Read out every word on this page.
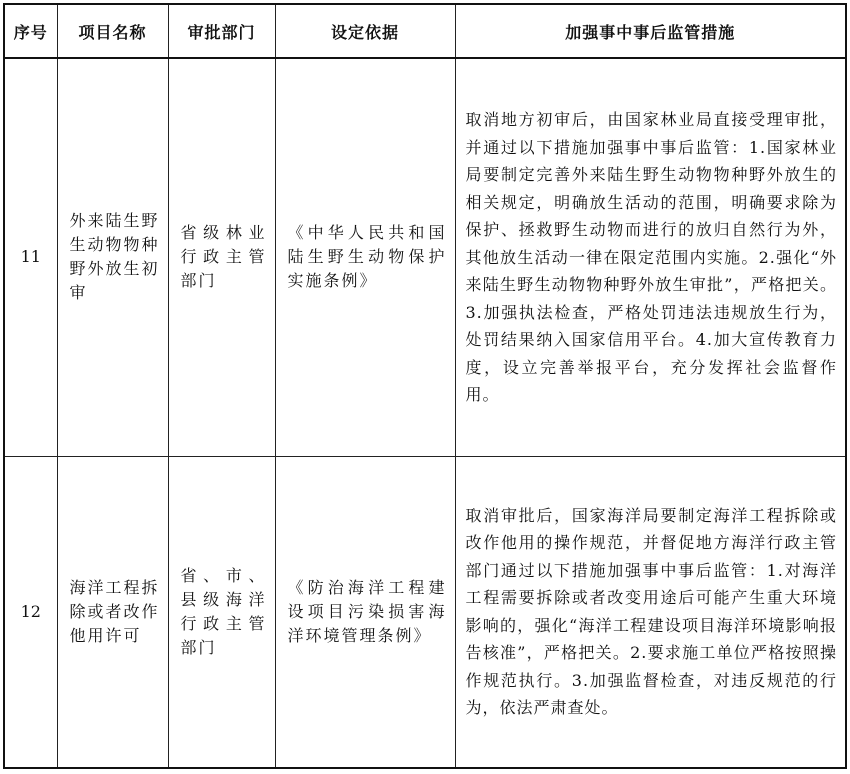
序号	项目名称	审批部门	设定依据	加强事中事后监管措施
11	外来陆生野生动物物种野外放生初审	省级林业行政主管部门	《中华人民共和国陆生野生动物保护实施条例》	取消地方初审后，由国家林业局直接受理审批，并通过以下措施加强事中事后监管：1.国家林业局要制定完善外来陆生野生动物物种野外放生的相关规定，明确放生活动的范围，明确要求除为保护、拯救野生动物而进行的放归自然行为外，其他放生活动一律在限定范围内实施。2.强化“外来陆生野生动物物种野外放生审批”，严格把关。3.加强执法检查，严格处罚违法违规放生行为，处罚结果纳入国家信用平台。4.加大宣传教育力度，设立完善举报平台，充分发挥社会监督作用。
12	海洋工程拆除或者改作他用许可	省、市、县级海洋行政主管部门	《防治海洋工程建设项目污染损害海洋环境管理条例》	取消审批后，国家海洋局要制定海洋工程拆除或改作他用的操作规范，并督促地方海洋行政主管部门通过以下措施加强事中事后监管：1.对海洋工程需要拆除或者改变用途后可能产生重大环境影响的，强化“海洋工程建设项目海洋环境影响报告核准”，严格把关。2.要求施工单位严格按照操作规范执行。3.加强监督检查，对违反规范的行为，依法严肃查处。
